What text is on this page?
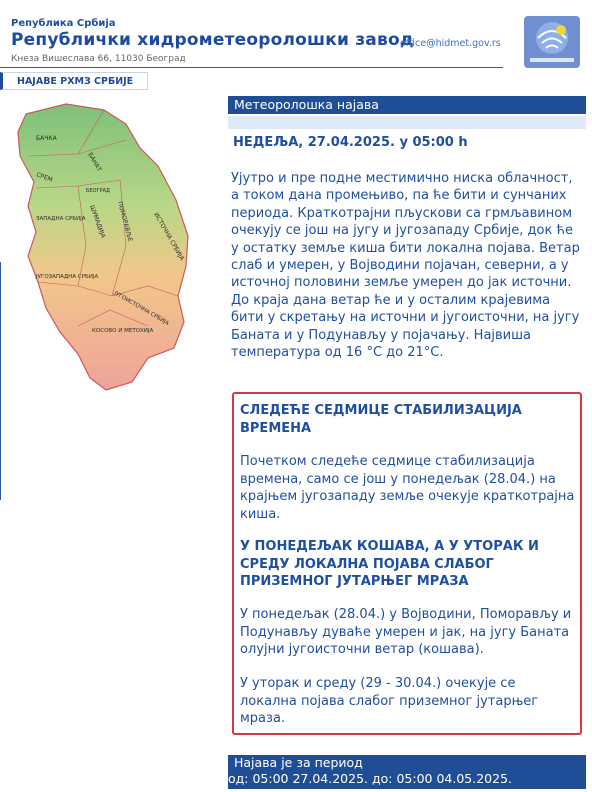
Република Србија
Републички хидрометеоролошки завод
Кнеза Вишеслава 66, 11030 Београд
office@hidmet.gov.rs
НАЈАВЕ РХМЗ СРБИЈЕ
БАЧКА
БАНАТ
СРЕМ
БЕОГРАД
ЗАПАДНА СРБИЈА ШУМАДИЈА ПОМОРАВЉЕ	ИСТОЧНА СРБИЈА
ЈУГОЗАПАДНА СРБИЈА
ЈУГОИСТОЧНА СРБИЈА
КОСОВО И МЕТОХИЈА
Метеоролошка најава
НЕДЕЉА, 27.04.2025. у 05:00 h
Ујутро и пре подне местимично ниска облачност, а током дана промењиво, па ће бити и сунчаних периода. Краткотрајни пљускови са грмљавином очекују се још на југу и југозападу Србије, док ће у остатку земље киша бити локална појава. Ветар слаб и умерен, у Војводини појачан, северни, а у источној половини земље умерен до јак источни. До краја дана ветар ће и у осталим крајевима бити у скретању на источни и југоисточни, на југу Баната и у Подунављу у појачању. Највиша температура од 16 °C до 21°C.
СЛЕДЕЋЕ СЕДМИЦЕ СТАБИЛИЗАЦИЈА ВРЕМЕНА
Почетком следеће седмице стабилизација времена, само се још у понедељак (28.04.) на крајњем југозападу земље очекује краткотрајна киша.
У ПОНЕДЕЉАК КОШАВА, А У УТОРАК И СРЕДУ ЛОКАЛНА ПОЈАВА СЛАБОГ ПРИЗЕМНОГ ЈУТАРЊЕГ МРАЗА
У понедељак (28.04.) у Војводини, Поморављу и Подунављу дуваће умерен и јак, на југу Баната олујни југоисточни ветар (кошава).
У уторак и среду (29 - 30.04.) очекује се локална појава слабог приземног јутарњег мраза.
Најава је за период
од: 05:00 27.04.2025. до: 05:00 04.05.2025.
